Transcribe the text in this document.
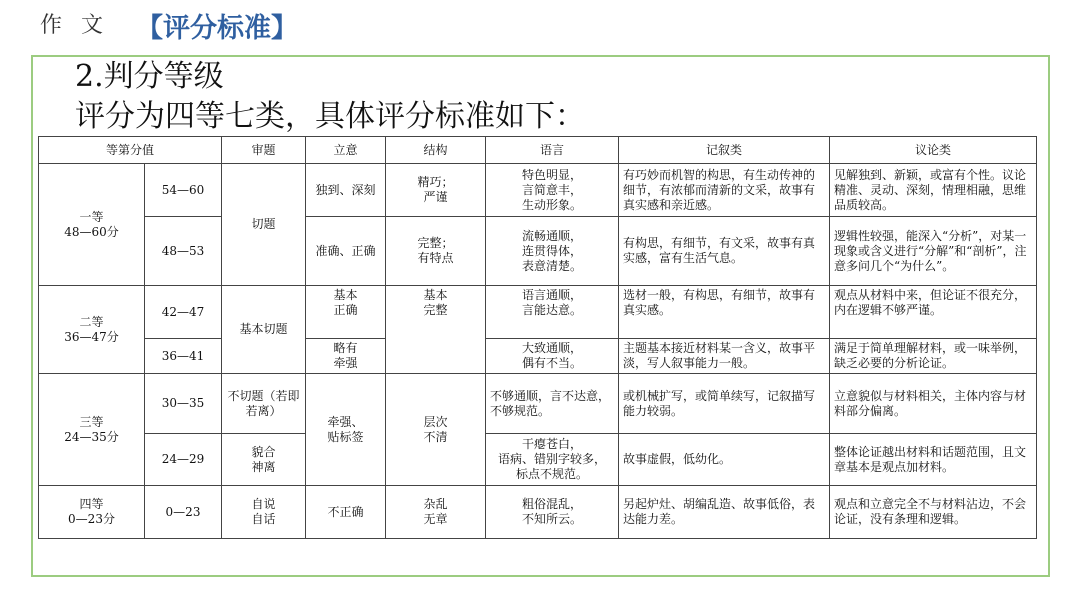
作 文 【评分标准】
2.判分等级
评分为四等七类，具体评分标准如下：
等第分值		审题	立意	结构	语言	记叙类	议论类
一等
48—60分	54—60	切题	独到、深刻	精巧；
严谨	特色明显，
言简意丰，
生动形象。	有巧妙而机智的构思，有生动传神的细节，有浓郁而清新的文采，故事有真实感和亲近感。	见解独到、新颖，或富有个性。议论精准、灵动、深刻，情理相融，思维品质较高。
	48—53		准确、正确	完整；
有特点	流畅通顺，
连贯得体，
表意清楚。	有构思，有细节，有文采，故事有真实感，富有生活气息。	逻辑性较强，能深入“分析”，对某一现象或含义进行“分解”和“剖析”，注意多问几个“为什么”。
二等
36—47分	42—47	基本切题	基本
正确	基本
完整	语言通顺，
言能达意。	选材一般，有构思，有细节，故事有真实感。	观点从材料中来，但论证不很充分，内在逻辑不够严谨。
	36—41		略有
牵强		大致通顺，
偶有不当。	主题基本接近材料某一含义，故事平淡，写人叙事能力一般。	满足于简单理解材料，或一味举例，缺乏必要的分析论证。
三等
24—35分	30—35	不切题（若即若离）	牵强、
贴标签	层次
不清	不够通顺，言不达意，
不够规范。	或机械扩写，或简单续写，记叙描写能力较弱。	立意貌似与材料相关，主体内容与材料部分偏离。
	24—29	貌合
神离			干瘪苍白，
语病、错别字较多，
标点不规范。	故事虚假，低幼化。	整体论证越出材料和话题范围，且文章基本是观点加材料。
四等
0—23分	0—23	自说
自话	不正确	杂乱
无章	粗俗混乱，
不知所云。	另起炉灶、胡编乱造、故事低俗，表达能力差。	观点和立意完全不与材料沾边，不会论证，没有条理和逻辑。
